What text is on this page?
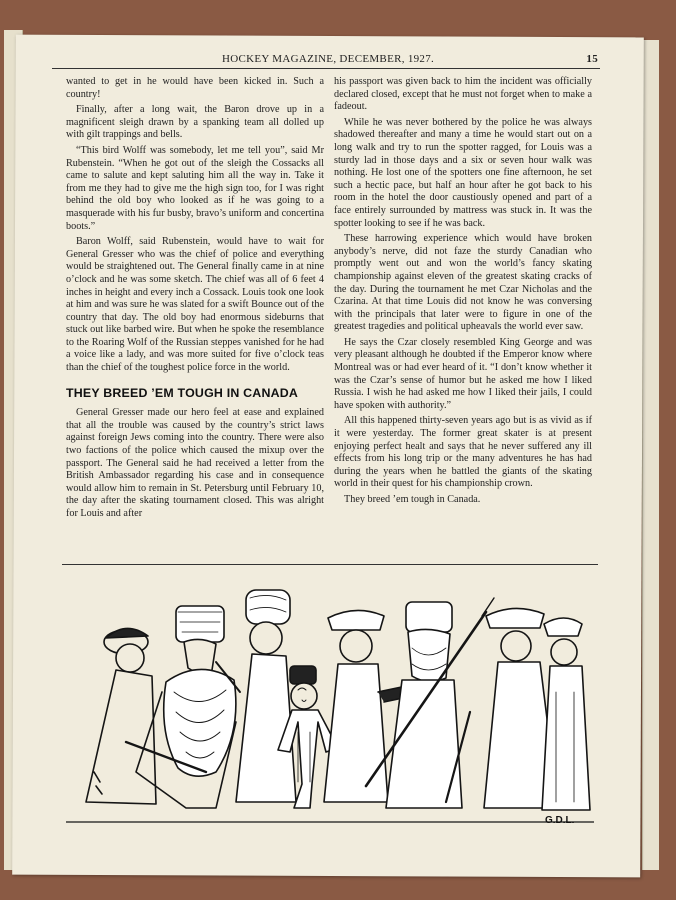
HOCKEY MAGAZINE, DECEMBER, 1927.	15

wanted to get in he would have been kicked in. Such a country!

Finally, after a long wait, the Baron drove up in a magnificent sleigh drawn by a spanking team all dolled up with gilt trappings and bells.

“This bird Wolff was somebody, let me tell you”, said Mr Rubenstein. “When he got out of the sleigh the Cossacks all came to salute and kept saluting him all the way in. Take it from me they had to give me the high sign too, for I was right behind the old boy who looked as if he was going to a masquerade with his fur busby, bravo’s uniform and concertina boots.”

Baron Wolff, said Rubenstein, would have to wait for General Gresser who was the chief of police and everything would be straightened out. The General finally came in at nine o’clock and he was some sketch. The chief was all of 6 feet 4 inches in height and every inch a Cossack. Louis took one look at him and was sure he was slated for a swift Bounce out of the country that day. The old boy had enormous sideburns that stuck out like barbed wire. But when he spoke the resemblance to the Roaring Wolf of the Russian steppes vanished for he had a voice like a lady, and was more suited for five o’clock teas than the chief of the toughest police force in the world.

THEY BREED ’EM TOUGH IN CANADA

General Gresser made our hero feel at ease and explained that all the trouble was caused by the country’s strict laws against foreign Jews coming into the country. There were also two factions of the police which caused the mixup over the passport. The General said he had received a letter from the British Ambassador regarding his case and in consequence would allow him to remain in St. Petersburg until February 10, the day after the skating tournament closed. This was alright for Louis and after

his passport was given back to him the incident was officially declared closed, except that he must not forget when to make a fadeout.

While he was never bothered by the police he was always shadowed thereafter and many a time he would start out on a long walk and try to run the spotter ragged, for Louis was a sturdy lad in those days and a six or seven hour walk was nothing. He lost one of the spotters one fine afternoon, he set such a hectic pace, but half an hour after he got back to his room in the hotel the door caustiously opened and part of a face entirely surrounded by mattress was stuck in. It was the spotter looking to see if he was back.

These harrowing experience which would have broken anybody’s nerve, did not faze the sturdy Canadian who promptly went out and won the world’s fancy skating championship against eleven of the greatest skating cracks of the day. During the tournament he met Czar Nicholas and the Czarina. At that time Louis did not know he was conversing with the principals that later were to figure in one of the greatest tragedies and political upheavals the world ever saw.

He says the Czar closely resembled King George and was very pleasant although he doubted if the Emperor know where Montreal was or had ever heard of it. “I don’t know whether it was the Czar’s sense of humor but he asked me how I liked Russia. I wish he had asked me how I liked their jails, I could have spoken with authority.”

All this happened thirty-seven years ago but is as vivid as if it were yesterday. The former great skater is at present enjoying perfect healt and says that he never suffered any ill effects from his long trip or the many adventures he has had during the years when he battled the giants of the skating world in their quest for his championship crown.

They breed ’em tough in Canada.

G.D.L.
